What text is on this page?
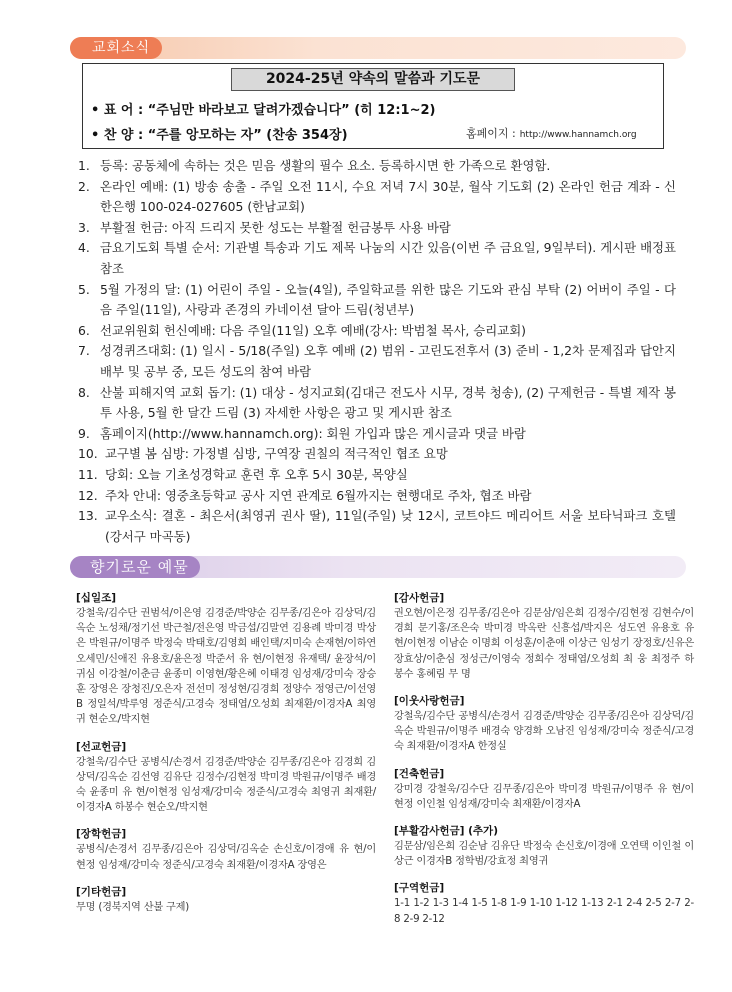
교회소식
2024-25년 약속의 말씀과 기도문
• 표 어 : “주님만 바라보고 달려가겠습니다” (히 12:1~2)
• 찬 양 : “주를 앙모하는 자” (찬송 354장)	홈페이지 : http://www.hannamch.org
1. 등록: 공동체에 속하는 것은 믿음 생활의 필수 요소. 등록하시면 한 가족으로 환영함.
2. 온라인 예배: (1) 방송 송출 - 주일 오전 11시, 수요 저녁 7시 30분, 월삭 기도회 (2) 온라인 헌금 계좌 - 신한은행 100-024-027605 (한남교회)
3. 부활절 헌금: 아직 드리지 못한 성도는 부활절 헌금봉투 사용 바람
4. 금요기도회 특별 순서: 기관별 특송과 기도 제목 나눔의 시간 있음(이번 주 금요일, 9일부터). 게시판 배정표 참조
5. 5월 가정의 달: (1) 어린이 주일 - 오늘(4일), 주일학교를 위한 많은 기도와 관심 부탁 (2) 어버이 주일 - 다음 주일(11일), 사랑과 존경의 카네이션 달아 드림(청년부)
6. 선교위원회 헌신예배: 다음 주일(11일) 오후 예배(강사: 박범철 목사, 승리교회)
7. 성경퀴즈대회: (1) 일시 - 5/18(주일) 오후 예배 (2) 범위 - 고린도전후서 (3) 준비 - 1,2차 문제집과 답안지 배부 및 공부 중, 모든 성도의 참여 바람
8. 산불 피해지역 교회 돕기: (1) 대상 - 성지교회(김대근 전도사 시무, 경북 청송), (2) 구제헌금 - 특별 제작 봉투 사용, 5월 한 달간 드림 (3) 자세한 사항은 광고 및 게시판 참조
9. 홈페이지(http://www.hannamch.org): 회원 가입과 많은 게시글과 댓글 바람
10. 교구별 봄 심방: 가정별 심방, 구역장 권칠의 적극적인 협조 요망
11. 당회: 오늘 기초성경학교 훈련 후 오후 5시 30분, 목양실
12. 주차 안내: 영중초등학교 공사 지연 관계로 6월까지는 현행대로 주차, 협조 바람
13. 교우소식: 결혼 - 최은서(최영귀 권사 딸), 11일(주일) 낮 12시, 코트야드 메리어트 서울 보타닉파크 호텔 (강서구 마곡동)
향기로운 예물
[십일조]
강철욱/김수단 권범석/이은영 김경준/박양순 김무종/김은아 김상덕/김옥순 노성채/정기선 박근철/전은영 박금섭/김말연 김용례 박미경 박상은 박원규/이명주 박정숙 박태호/김영희 배인택/지미숙 손재현/이하연 오세민/신애진 유용호/윤은정 박준서 유 현/이현정 유재택/ 윤장석/이귀심 이강철/이춘금 윤종미 이영현/황은혜 이태경 임성재/강미숙 장승훈 장영은 장청진/오은자 전선미 정성현/김경희 정양수 정영근/이선영B 정일석/박루영 정준식/고경숙 정태엽/오성희 최재환/이경자A 최영귀 현순오/박지현
[선교헌금]
강철욱/김수단 공병식/손경서 김경준/박양순 김무종/김은아 김경희 김상덕/김옥순 김선영 김유단 김정수/김현정 박미경 박원규/이명주 배경숙 윤종미 유 현/이현정 임성재/강미숙 정준식/고경숙 최영귀 최재환/이경자A 하봉수 현순오/박지현
[장학헌금]
공병식/손경서 김무종/김은아 김상덕/김옥순 손신호/이경애 유 현/이현정 임성재/강미숙 정준식/고경숙 최재환/이경자A 장영은
[기타헌금]
무명 (경북지역 산불 구제)
[감사헌금]
권오현/이은정 김무종/김은아 김문삼/임은희 김정수/김현정 김현수/이경희 문기홍/조은숙 박미경 박옥란 신흥섭/박지은 성도연 유용호 유 현/이현정 이남순 이명희 이성훈/이춘애 이상근 임성기 장정호/신유은 장효상/이춘심 정성근/이영숙 정희수 정태엽/오성희 최 웅 최정주 하봉수 홍혜림 무 명
[이웃사랑헌금]
강철욱/김수단 공병식/손경서 김경준/박양순 김무종/김은아 김상덕/김옥순 박원규/이명주 배경숙 양경화 오남진 임성재/강미숙 정준식/고경숙 최재환/이경자A 한정실
[건축헌금]
강미경 강철욱/김수단 김무종/김은아 박미경 박원규/이명주 유 현/이현정 이인철 임성재/강미숙 최재환/이경자A
[부활감사헌금] (추가)
김문삼/임은희 김순남 김유단 박정숙 손신호/이경애 오연택 이인철 이상근 이경자B 정학범/강효정 최영귀
[구역헌금]
1-1 1-2 1-3 1-4 1-5 1-8 1-9 1-10 1-12 1-13 2-1 2-4 2-5 2-7 2-8 2-9 2-12
